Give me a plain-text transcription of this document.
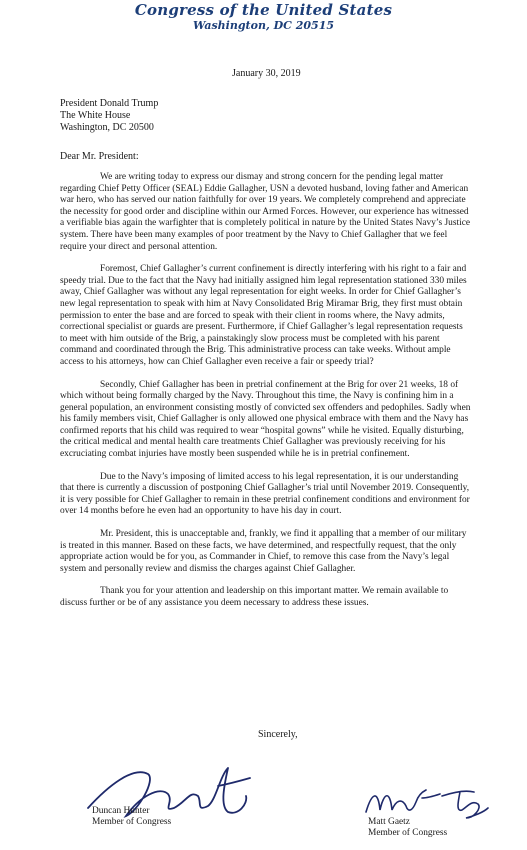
Congress of the United States
Washington, DC 20515
January 30, 2019
President Donald Trump
The White House
Washington, DC 20500
Dear Mr. President:

We are writing today to express our dismay and strong concern for the pending legal matter regarding Chief Petty Officer (SEAL) Eddie Gallagher, USN a devoted husband, loving father and American war hero, who has served our nation faithfully for over 19 years. We completely comprehend and appreciate the necessity for good order and discipline within our Armed Forces. However, our experience has witnessed a verifiable bias again the warfighter that is completely political in nature by the United States Navy’s Justice system. There have been many examples of poor treatment by the Navy to Chief Gallagher that we feel require your direct and personal attention.

Foremost, Chief Gallagher’s current confinement is directly interfering with his right to a fair and speedy trial. Due to the fact that the Navy had initially assigned him legal representation stationed 330 miles away, Chief Gallagher was without any legal representation for eight weeks. In order for Chief Gallagher’s new legal representation to speak with him at Navy Consolidated Brig Miramar Brig, they first must obtain permission to enter the base and are forced to speak with their client in rooms where, the Navy admits, correctional specialist or guards are present. Furthermore, if Chief Gallagher’s legal representation requests to meet with him outside of the Brig, a painstakingly slow process must be completed with his parent command and coordinated through the Brig. This administrative process can take weeks. Without ample access to his attorneys, how can Chief Gallagher even receive a fair or speedy trial?

Secondly, Chief Gallagher has been in pretrial confinement at the Brig for over 21 weeks, 18 of which without being formally charged by the Navy. Throughout this time, the Navy is confining him in a general population, an environment consisting mostly of convicted sex offenders and pedophiles. Sadly when his family members visit, Chief Gallagher is only allowed one physical embrace with them and the Navy has confirmed reports that his child was required to wear “hospital gowns” while he visited. Equally disturbing, the critical medical and mental health care treatments Chief Gallagher was previously receiving for his excruciating combat injuries have mostly been suspended while he is in pretrial confinement.

Due to the Navy’s imposing of limited access to his legal representation, it is our understanding that there is currently a discussion of postponing Chief Gallagher’s trial until November 2019. Consequently, it is very possible for Chief Gallagher to remain in these pretrial confinement conditions and environment for over 14 months before he even had an opportunity to have his day in court.

Mr. President, this is unacceptable and, frankly, we find it appalling that a member of our military is treated in this manner. Based on these facts, we have determined, and respectfully request, that the only appropriate action would be for you, as Commander in Chief, to remove this case from the Navy’s legal system and personally review and dismiss the charges against Chief Gallagher.

Thank you for your attention and leadership on this important matter. We remain available to discuss further or be of any assistance you deem necessary to address these issues.

Sincerely,
Duncan Hunter
Member of Congress	Matt Gaetz
Member of Congress
